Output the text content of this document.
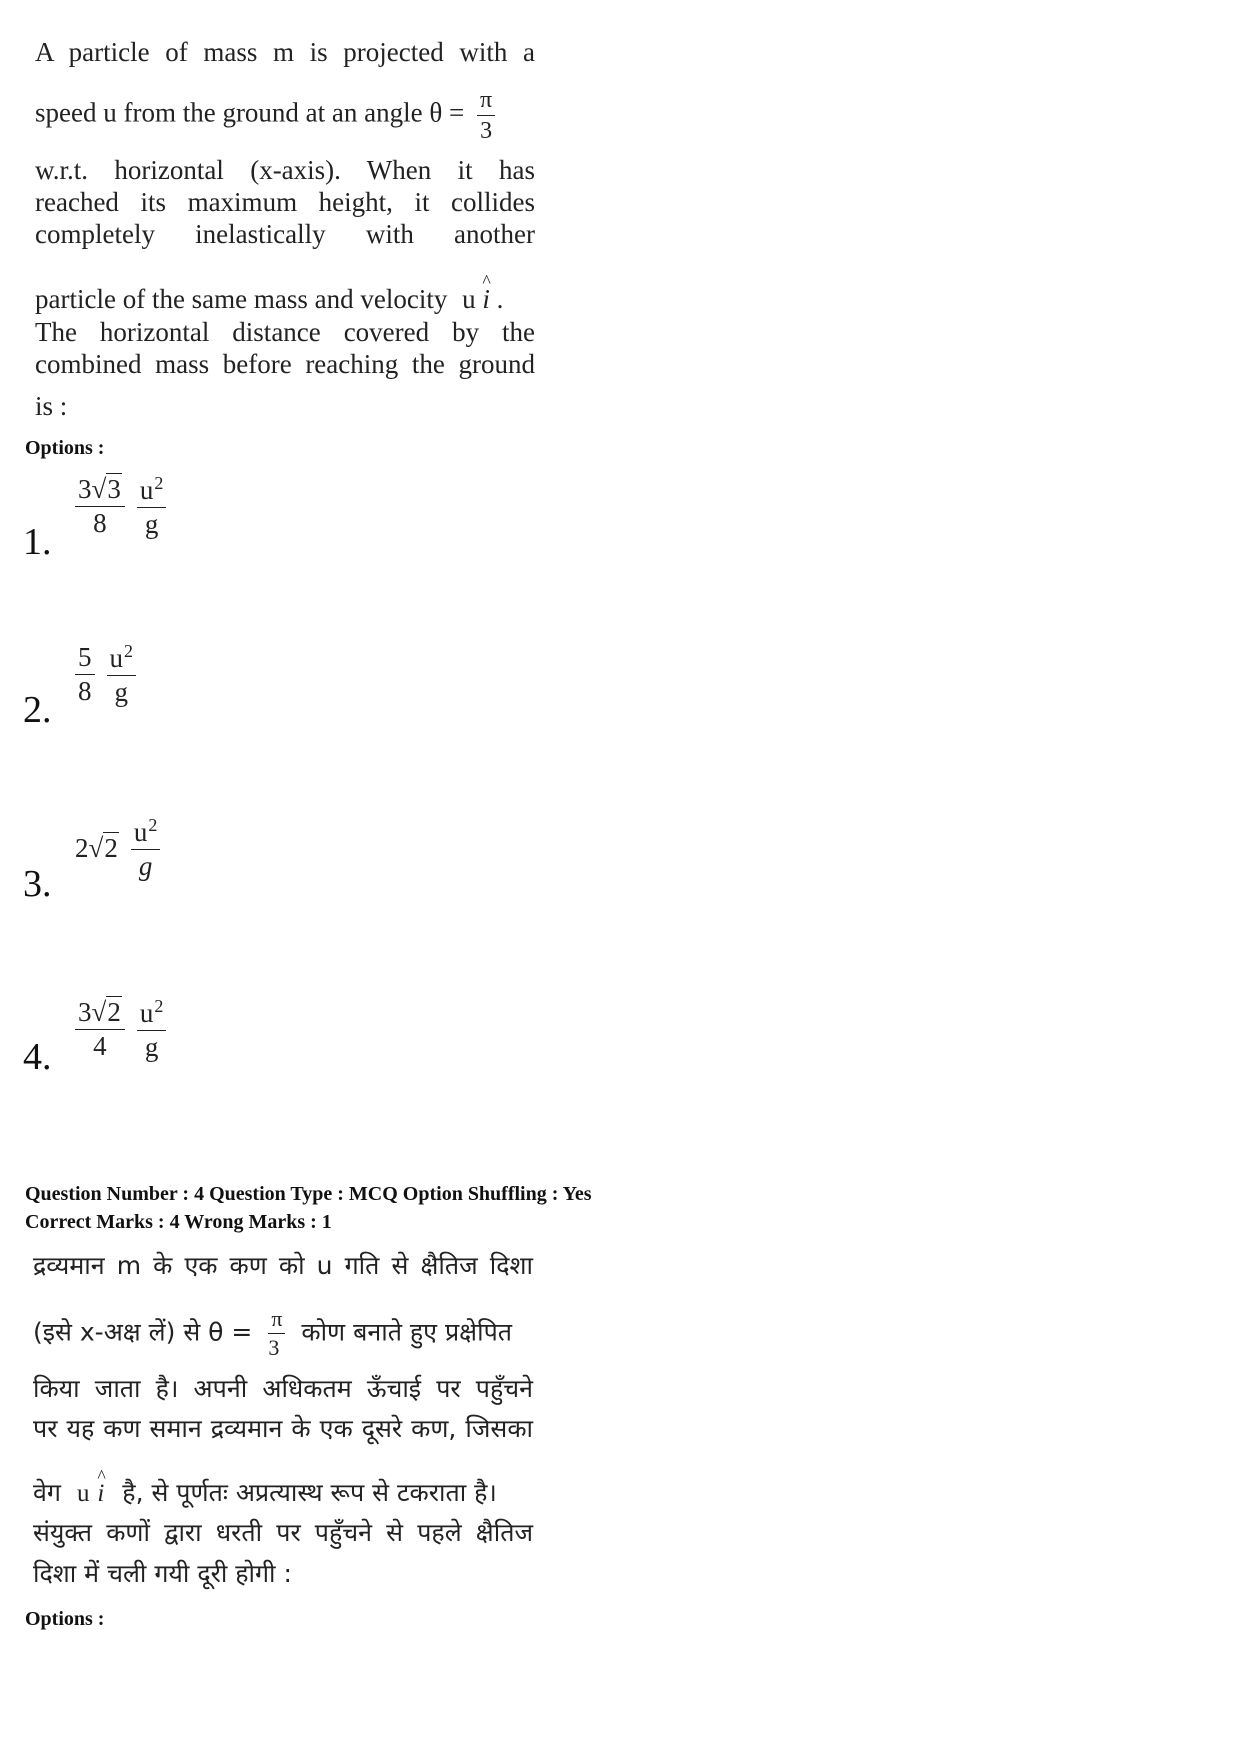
A particle of mass m is projected with a
speed u from the ground at an angle $\theta = \frac{\pi}{3}$
w.r.t. horizontal (x-axis). When it has
reached its maximum height, it collides
completely inelastically with another
particle of the same mass and velocity u ^ i .
The horizontal distance covered by the
combined mass before reaching the ground
is :
Options :
1.
$\frac{3√3}{8} \frac{u^2}{g}$
2.
$\frac{5}{8} \frac{u^2}{g}$
3.
$2√2 \frac{u^2}{g}$
4. $\frac{3√2}{4} \frac{u^2}{g}$
Question Number : 4 Question Type : MCQ Option Shuffling : Yes
Correct Marks : 4 Wrong Marks : 1
द्रव्यमान m के एक कण को u गति से क्षैतिज दिशा
(इसे x-अक्ष लें) से $\theta = \frac{\pi}{3}$ कोण बनाते हुए प्रक्षेपित
किया जाता है। अपनी अधिकतम ऊँचाई पर पहुँचने
पर यह कण समान द्रव्यमान के एक दूसरे कण, जिसका
वेग u ^ i है, से पूर्णतः अप्रत्यास्थ रूप से टकराता है।
संयुक्त कणों द्वारा धरती पर पहुँचने से पहले क्षैतिज
दिशा में चली गयी दूरी होगी :
Options :
